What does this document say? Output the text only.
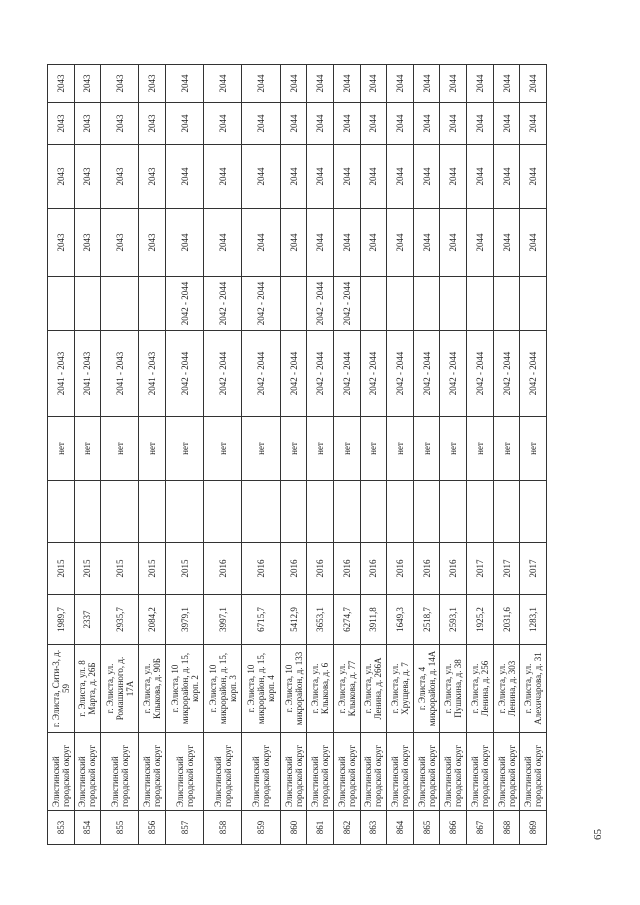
853	Элистинский городской округ	г. Элиста, Сити-3, д. 59	1989,7	2015		нет	2041 - 2043		2043	2043	2043	2043
854	Элистинский городской округ	г. Элиста, ул. 8 Марта, д. 26Б	2337	2015		нет	2041 - 2043		2043	2043	2043	2043
855	Элистинский городской округ	г. Элиста, ул. Ромашкиного, д. 17А	2935,7	2015		нет	2041 - 2043		2043	2043	2043	2043
856	Элистинский городской округ	г. Элиста, ул. Клыкова, д. 90Б	2084,2	2015		нет	2041 - 2043		2043	2043	2043	2043
857	Элистинский городской округ	г. Элиста, 10 микрорайон, д. 15, корп. 2	3979,1	2015		нет	2042 - 2044	2042 - 2044	2044	2044	2044	2044
858	Элистинский городской округ	г. Элиста, 10 микрорайон, д. 15, корп. 3	3997,1	2016		нет	2042 - 2044	2042 - 2044	2044	2044	2044	2044
859	Элистинский городской округ	г. Элиста, 10 микрорайон, д. 15, корп. 4	6715,7	2016		нет	2042 - 2044	2042 - 2044	2044	2044	2044	2044
860	Элистинский городской округ	г. Элиста, 10 микрорайон, д. 133	5412,9	2016		нет	2042 - 2044		2044	2044	2044	2044
861	Элистинский городской округ	г. Элиста, ул. Клыкова, д. 6	3653,1	2016		нет	2042 - 2044	2042 - 2044	2044	2044	2044	2044
862	Элистинский городской округ	г. Элиста, ул. Клыкова, д. 77	6274,7	2016		нет	2042 - 2044	2042 - 2044	2044	2044	2044	2044
863	Элистинский городской округ	г. Элиста, ул. Ленина, д. 266А	3911,8	2016		нет	2042 - 2044		2044	2044	2044	2044
864	Элистинский городской округ	г. Элиста, ул. Хрущева, д. 7	1649,3	2016		нет	2042 - 2044		2044	2044	2044	2044
865	Элистинский городской округ	г. Элиста, 4 микрорайон, д. 14А	2518,7	2016		нет	2042 - 2044		2044	2044	2044	2044
866	Элистинский городской округ	г. Элиста, ул. Пушкина, д. 38	2593,1	2016		нет	2042 - 2044		2044	2044	2044	2044
867	Элистинский городской округ	г. Элиста, ул. Ленина, д. 256	1925,2	2017		нет	2042 - 2044		2044	2044	2044	2044
868	Элистинский городской округ	г. Элиста, ул. Ленина, д. 303	2031,6	2017		нет	2042 - 2044		2044	2044	2044	2044
869	Элистинский городской округ	г. Элиста, ул. Алехичарова, д. 31	1283,1	2017		нет	2042 - 2044		2044	2044	2044	2044
65
